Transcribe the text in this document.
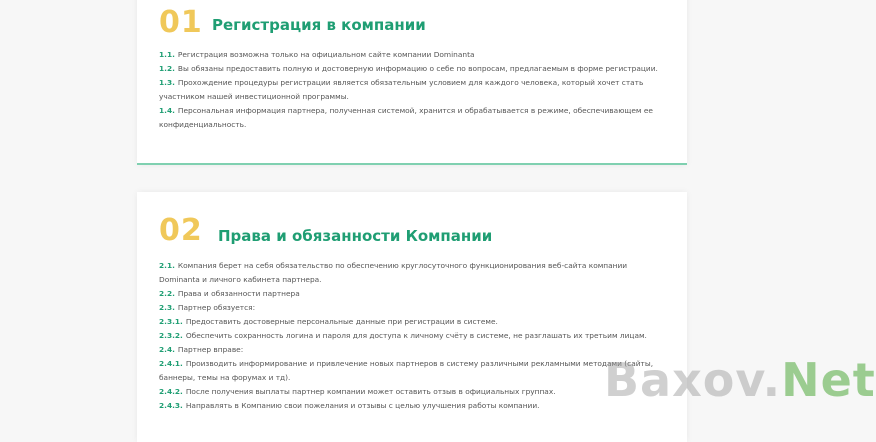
01 Регистрация в компании

1.1. Регистрация возможна только на официальном сайте компании Dominanta

1.2. Вы обязаны предоставить полную и достоверную информацию о себе по вопросам, предлагаемым в форме регистрации.

1.3. Прохождение процедуры регистрации является обязательным условием для каждого человека, который хочет стать участником нашей инвестиционной программы.

1.4. Персональная информация партнера, полученная системой, хранится и обрабатывается в режиме, обеспечивающем ее конфиденциальность.

02 Права и обязанности Компании

2.1. Компания берет на себя обязательство по обеспечению круглосуточного функционирования веб-сайта компании Dominanta и личного кабинета партнера.

2.2. Права и обязанности партнера

2.3. Партнер обязуется:

2.3.1. Предоставить достоверные персональные данные при регистрации в системе.

2.3.2. Обеспечить сохранность логина и пароля для доступа к личному счёту в системе, не разглашать их третьим лицам.

2.4. Партнер вправе:

2.4.1. Производить информирование и привлечение новых партнеров в систему различными рекламными методами (сайты, баннеры, темы на форумах и тд).

2.4.2. После получения выплаты партнер компании может оставить отзыв в официальных группах.

2.4.3. Направлять в Компанию свои пожелания и отзывы с целью улучшения работы компании.	Baxov.Net
